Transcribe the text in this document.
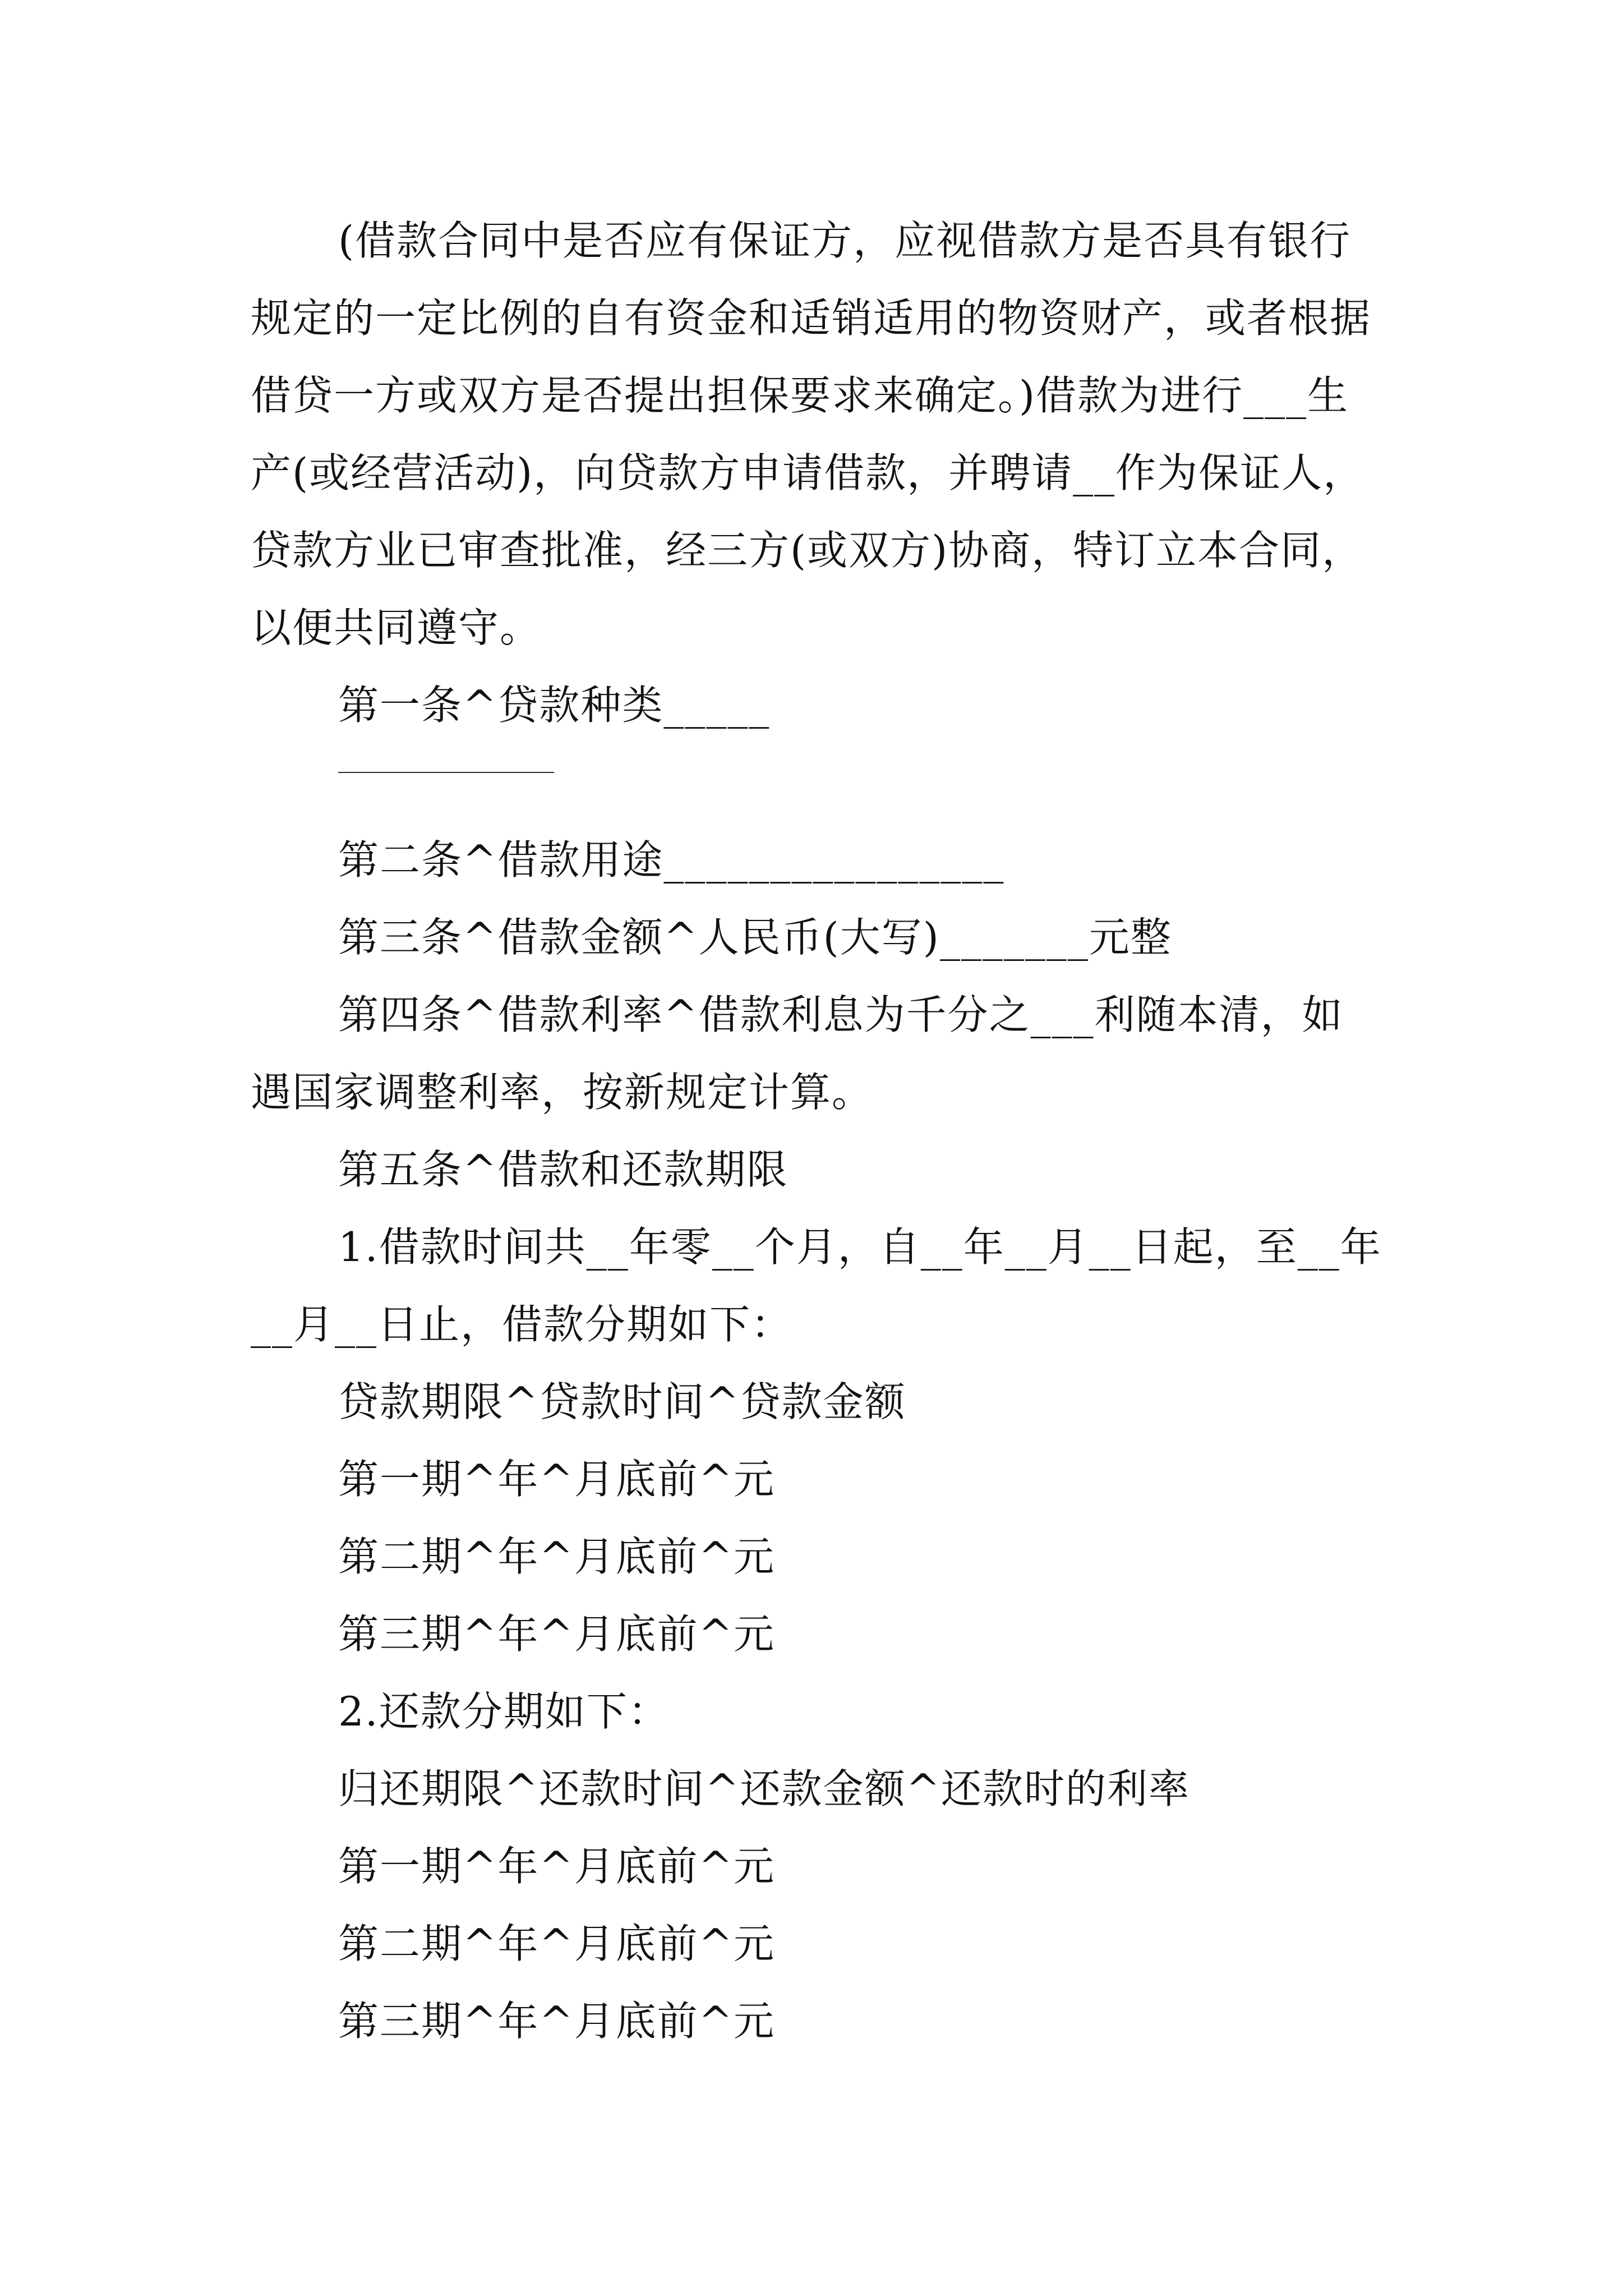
(借款合同中是否应有保证方，应视借款方是否具有银行规定的一定比例的自有资金和适销适用的物资财产，或者根据借贷一方或双方是否提出担保要求来确定。)借款为进行___生产(或经营活动)，向贷款方申请借款，并聘请__作为保证人，贷款方业已审查批准，经三方(或双方)协商，特订立本合同，以便共同遵守。

第一条^贷款种类_____

第二条^借款用途________________

第三条^借款金额^人民币(大写)_______元整

第四条^借款利率^借款利息为千分之___利随本清，如遇国家调整利率，按新规定计算。

第五条^借款和还款期限

1.借款时间共__年零__个月，自__年__月__日起，至__年__月__日止，借款分期如下：

贷款期限^贷款时间^贷款金额

第一期^年^月底前^元

第二期^年^月底前^元

第三期^年^月底前^元

2.还款分期如下：

归还期限^还款时间^还款金额^还款时的利率

第一期^年^月底前^元

第二期^年^月底前^元

第三期^年^月底前^元
